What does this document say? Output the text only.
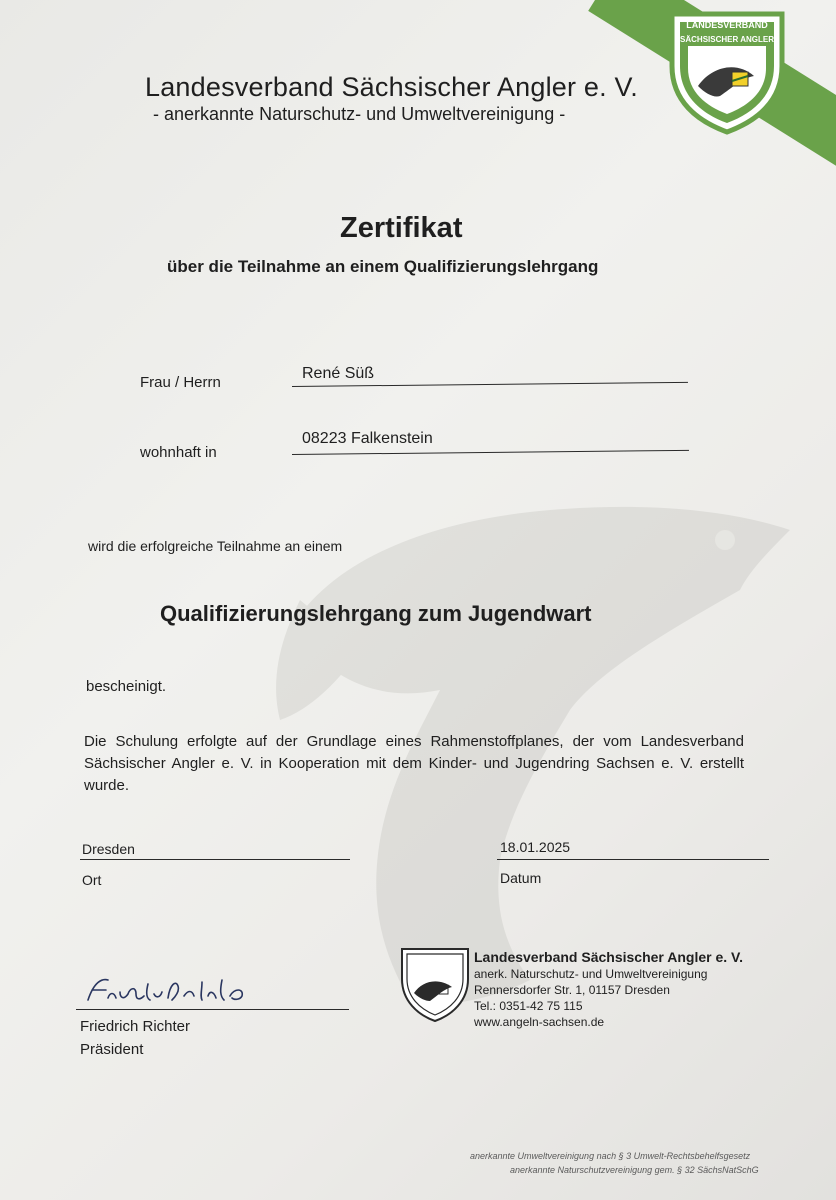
LANDESVERBAND
SÄCHSISCHER ANGLER
Landesverband Sächsischer Angler e. V.
- anerkannte Naturschutz- und Umweltvereinigung -
Zertifikat
über die Teilnahme an einem Qualifizierungslehrgang
Frau / Herrn
René Süß
wohnhaft in
08223 Falkenstein
wird die erfolgreiche Teilnahme an einem
Qualifizierungslehrgang zum Jugendwart
bescheinigt.
Die Schulung erfolgte auf der Grundlage eines Rahmenstoffplanes, der vom Landesverband Sächsischer Angler e. V. in Kooperation mit dem Kinder- und Jugendring Sachsen e. V. erstellt wurde.
Dresden
Ort
18.01.2025
Datum
Friedrich Richter
Präsident
Landesverband Sächsischer Angler e. V.
anerk. Naturschutz- und Umweltvereinigung
Rennersdorfer Str. 1, 01157 Dresden
Tel.: 0351-42 75 115
www.angeln-sachsen.de
anerkannte Umweltvereinigung nach § 3 Umwelt-Rechtsbehelfsgesetz
anerkannte Naturschutzvereinigung gem. § 32 SächsNatSchG
